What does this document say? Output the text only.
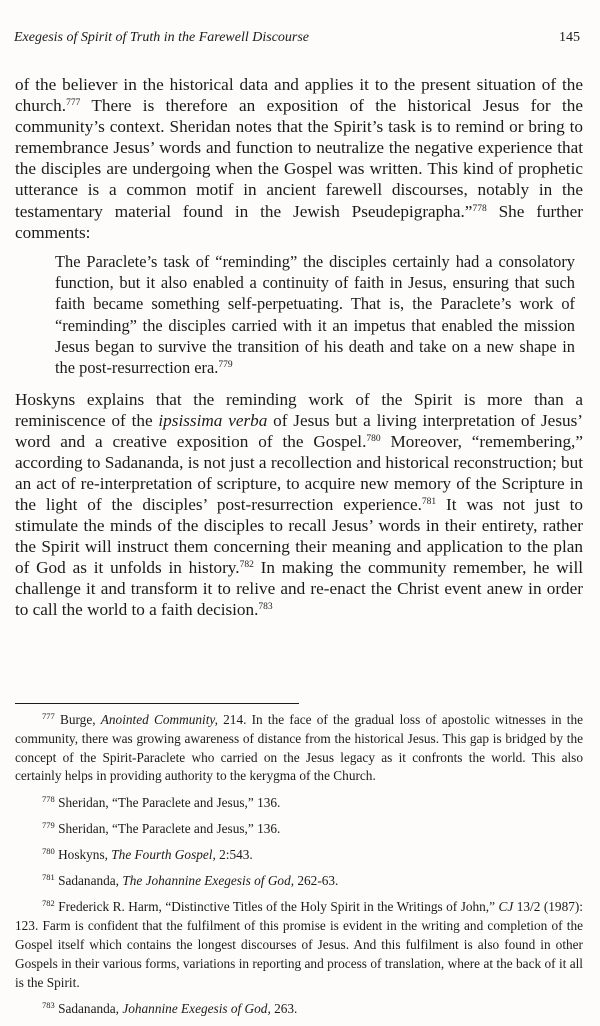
Exegesis of Spirit of Truth in the Farewell Discourse	145

of the believer in the historical data and applies it to the present situation of the church.$^{777}$ There is therefore an exposition of the historical Jesus for the community’s context. Sheridan notes that the Spirit’s task is to remind or bring to remembrance Jesus’ words and function to neutralize the negative experience that the disciples are undergoing when the Gospel was written. This kind of prophetic utterance is a common motif in ancient farewell discourses, notably in the testamentary material found in the Jewish Pseudepigrapha.”$^{778}$ She further comments:

The Paraclete’s task of “reminding” the disciples certainly had a consolatory function, but it also enabled a continuity of faith in Jesus, ensuring that such faith became something self-perpetuating. That is, the Paraclete’s work of “reminding” the disciples carried with it an impetus that enabled the mission Jesus began to survive the transition of his death and take on a new shape in the post-resurrection era.$^{779}$

Hoskyns explains that the reminding work of the Spirit is more than a reminiscence of the ipsissima verba of Jesus but a living interpretation of Jesus’ word and a creative exposition of the Gospel.$^{780}$ Moreover, “remembering,” according to Sadananda, is not just a recollection and historical reconstruction; but an act of re-interpretation of scripture, to acquire new memory of the Scripture in the light of the disciples’ post-resurrection experience.$^{781}$ It was not just to stimulate the minds of the disciples to recall Jesus’ words in their entirety, rather the Spirit will instruct them concerning their meaning and application to the plan of God as it unfolds in history.$^{782}$ In making the community remember, he will challenge it and transform it to relive and re-enact the Christ event anew in order to call the world to a faith decision.$^{783}$

$^{777}$ Burge, Anointed Community, 214. In the face of the gradual loss of apostolic witnesses in the community, there was growing awareness of distance from the historical Jesus. This gap is bridged by the concept of the Spirit-Paraclete who carried on the Jesus legacy as it confronts the world. This also certainly helps in providing authority to the kerygma of the Church.

$^{778}$ Sheridan, “The Paraclete and Jesus,” 136.

$^{779}$ Sheridan, “The Paraclete and Jesus,” 136.

$^{780}$ Hoskyns, The Fourth Gospel, 2:543.

$^{781}$ Sadananda, The Johannine Exegesis of God, 262-63.

$^{782}$ Frederick R. Harm, “Distinctive Titles of the Holy Spirit in the Writings of John,” CJ 13/2 (1987): 123. Farm is confident that the fulfilment of this promise is evident in the writing and completion of the Gospel itself which contains the longest discourses of Jesus. And this fulfilment is also found in other Gospels in their various forms, variations in reporting and process of translation, where at the back of it all is the Spirit.

$^{783}$ Sadananda, Johannine Exegesis of God, 263.
